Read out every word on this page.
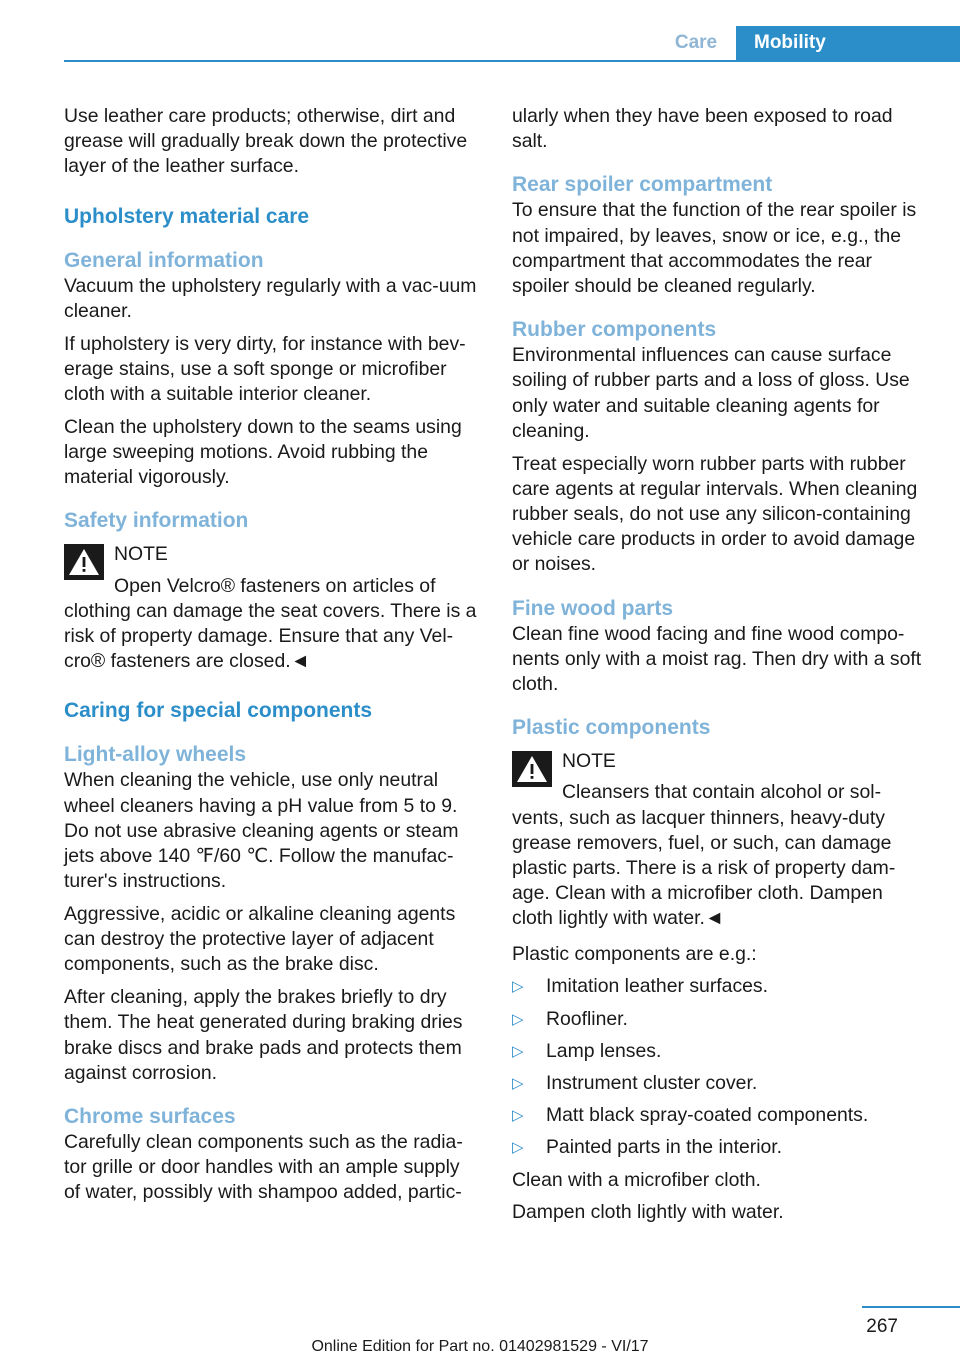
Care	Mobility

Use leather care products; otherwise, dirt and grease will gradually break down the protective layer of the leather surface.

Upholstery material care
General information

Vacuum the upholstery regularly with a vac-uum cleaner.

If upholstery is very dirty, for instance with bev-erage stains, use a soft sponge or microfiber cloth with a suitable interior cleaner.

Clean the upholstery down to the seams using large sweeping motions. Avoid rubbing the material vigorously.

Safety information
NOTE
Open Velcro® fasteners on articles of
clothing can damage the seat covers. There is a risk of property damage. Ensure that any Vel-cro® fasteners are closed.◄
Caring for special components
Light-alloy wheels

When cleaning the vehicle, use only neutral wheel cleaners having a pH value from 5 to 9. Do not use abrasive cleaning agents or steam jets above 140 ℉/60 ℃. Follow the manufac-turer's instructions.

Aggressive, acidic or alkaline cleaning agents can destroy the protective layer of adjacent components, such as the brake disc.

After cleaning, apply the brakes briefly to dry them. The heat generated during braking dries brake discs and brake pads and protects them against corrosion.

Chrome surfaces

Carefully clean components such as the radia-tor grille or door handles with an ample supply of water, possibly with shampoo added, partic-

ularly when they have been exposed to road salt.

Rear spoiler compartment

To ensure that the function of the rear spoiler is not impaired, by leaves, snow or ice, e.g., the compartment that accommodates the rear spoiler should be cleaned regularly.

Rubber components

Environmental influences can cause surface soiling of rubber parts and a loss of gloss. Use only water and suitable cleaning agents for cleaning.

Treat especially worn rubber parts with rubber care agents at regular intervals. When cleaning rubber seals, do not use any silicon-containing vehicle care products in order to avoid damage or noises.

Fine wood parts

Clean fine wood facing and fine wood compo-nents only with a moist rag. Then dry with a soft cloth.

Plastic components
NOTE
Cleansers that contain alcohol or sol-
vents, such as lacquer thinners, heavy-duty grease removers, fuel, or such, can damage plastic parts. There is a risk of property dam-age. Clean with a microfiber cloth. Dampen cloth lightly with water.◄

Plastic components are e.g.:

▷ Imitation leather surfaces.
▷ Roofliner.
▷ Lamp lenses.
▷ Instrument cluster cover.
▷ Matt black spray-coated components.
▷ Painted parts in the interior.

Clean with a microfiber cloth.

Dampen cloth lightly with water.

267
Online Edition for Part no. 01402981529 - VI/17
